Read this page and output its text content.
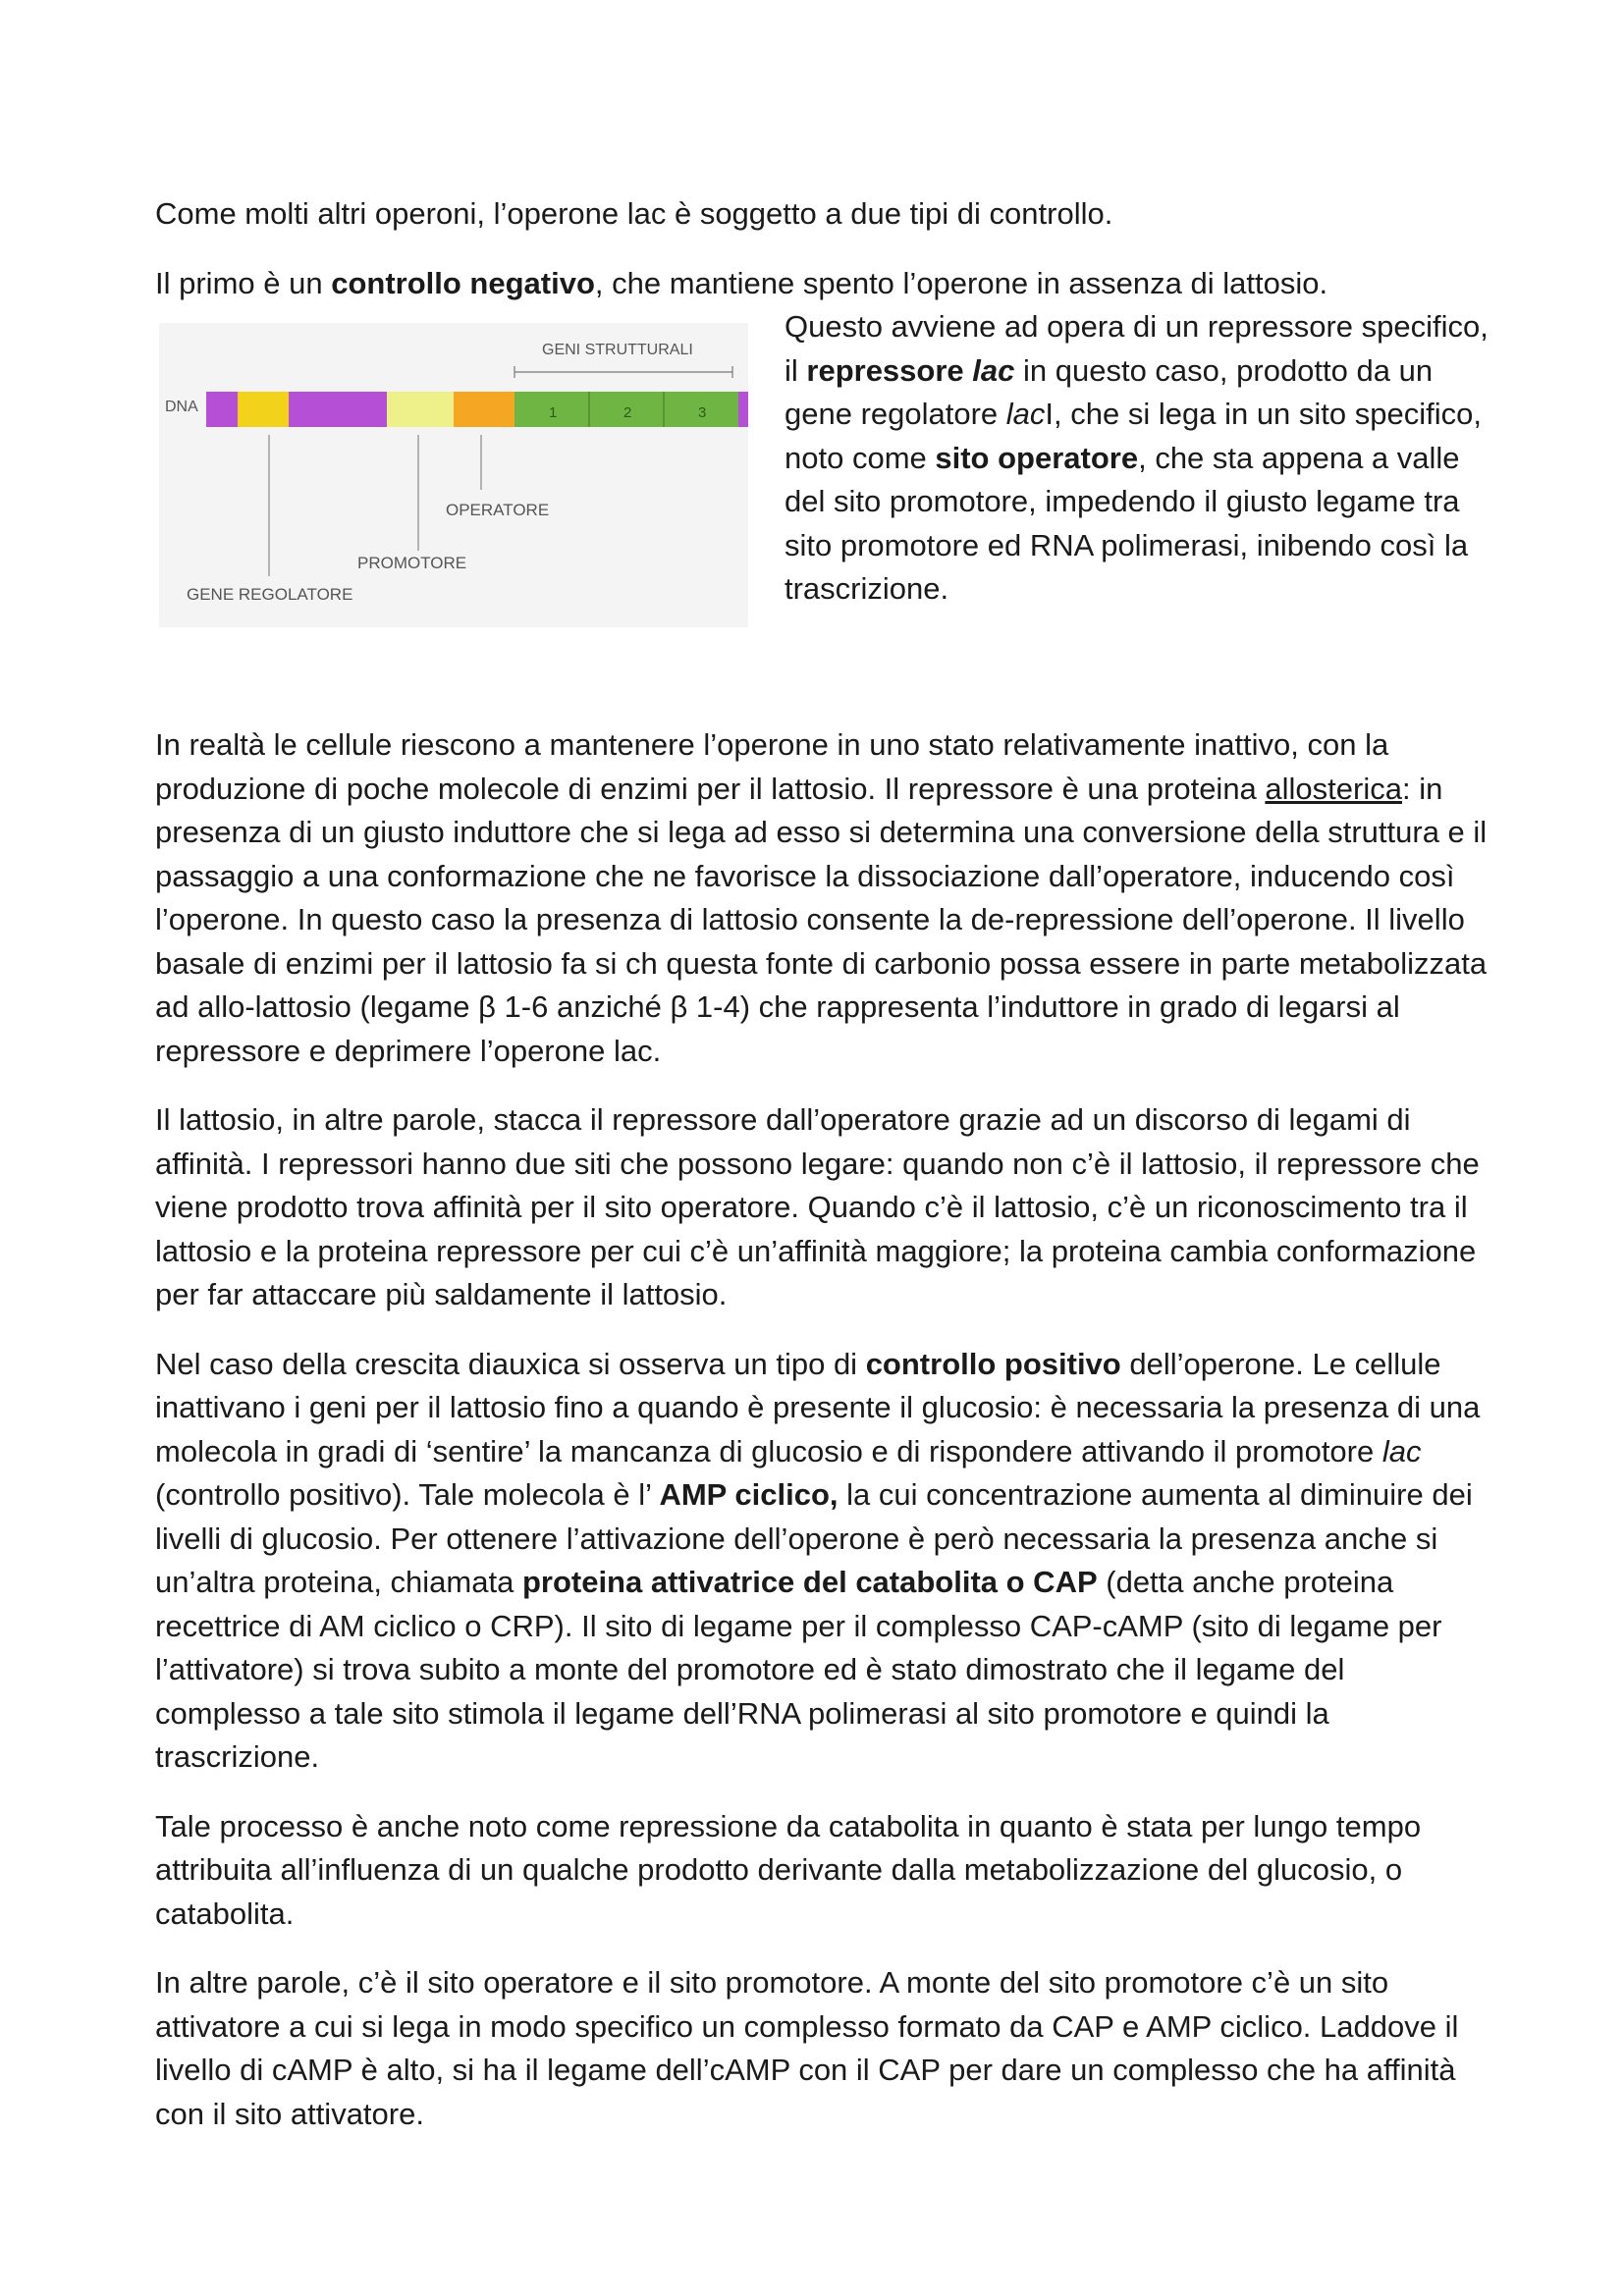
Come molti altri operoni, l’operone lac è soggetto a due tipi di controllo.

Il primo è un controllo negativo, che mantiene spento l’operone in assenza di lattosio.

DNA	1	2	3
GENI STRUTTURALI
OPERATORE
PROMOTORE
GENE REGOLATORE
Questo avviene ad opera di un repressore specifico, il repressore lac in questo caso, prodotto da un gene regolatore lacI, che si lega in un sito specifico, noto come sito operatore, che sta appena a valle del sito promotore, impedendo il giusto legame tra sito promotore ed RNA polimerasi, inibendo così la trascrizione.

In realtà le cellule riescono a mantenere l’operone in uno stato relativamente inattivo, con la produzione di poche molecole di enzimi per il lattosio. Il repressore è una proteina allosterica: in presenza di un giusto induttore che si lega ad esso si determina una conversione della struttura e il passaggio a una conformazione che ne favorisce la dissociazione dall’operatore, inducendo così l’operone. In questo caso la presenza di lattosio consente la de-repressione dell’operone. Il livello basale di enzimi per il lattosio fa si ch questa fonte di carbonio possa essere in parte metabolizzata ad allo-lattosio (legame β 1-6 anziché β 1-4) che rappresenta l’induttore in grado di legarsi al repressore e deprimere l’operone lac.

Il lattosio, in altre parole, stacca il repressore dall’operatore grazie ad un discorso di legami di affinità. I repressori hanno due siti che possono legare: quando non c’è il lattosio, il repressore che viene prodotto trova affinità per il sito operatore. Quando c’è il lattosio, c’è un riconoscimento tra il lattosio e la proteina repressore per cui c’è un’affinità maggiore; la proteina cambia conformazione per far attaccare più saldamente il lattosio.

Nel caso della crescita diauxica si osserva un tipo di controllo positivo dell’operone. Le cellule inattivano i geni per il lattosio fino a quando è presente il glucosio: è necessaria la presenza di una molecola in gradi di ‘sentire’ la mancanza di glucosio e di rispondere attivando il promotore lac (controllo positivo). Tale molecola è l’ AMP ciclico, la cui concentrazione aumenta al diminuire dei livelli di glucosio. Per ottenere l’attivazione dell’operone è però necessaria la presenza anche si un’altra proteina, chiamata proteina attivatrice del catabolita o CAP (detta anche proteina recettrice di AM ciclico o CRP). Il sito di legame per il complesso CAP-cAMP (sito di legame per l’attivatore) si trova subito a monte del promotore ed è stato dimostrato che il legame del complesso a tale sito stimola il legame dell’RNA polimerasi al sito promotore e quindi la trascrizione.

Tale processo è anche noto come repressione da catabolita in quanto è stata per lungo tempo attribuita all’influenza di un qualche prodotto derivante dalla metabolizzazione del glucosio, o catabolita.

In altre parole, c’è il sito operatore e il sito promotore. A monte del sito promotore c’è un sito attivatore a cui si lega in modo specifico un complesso formato da CAP e AMP ciclico. Laddove il livello di cAMP è alto, si ha il legame dell’cAMP con il CAP per dare un complesso che ha affinità con il sito attivatore.
